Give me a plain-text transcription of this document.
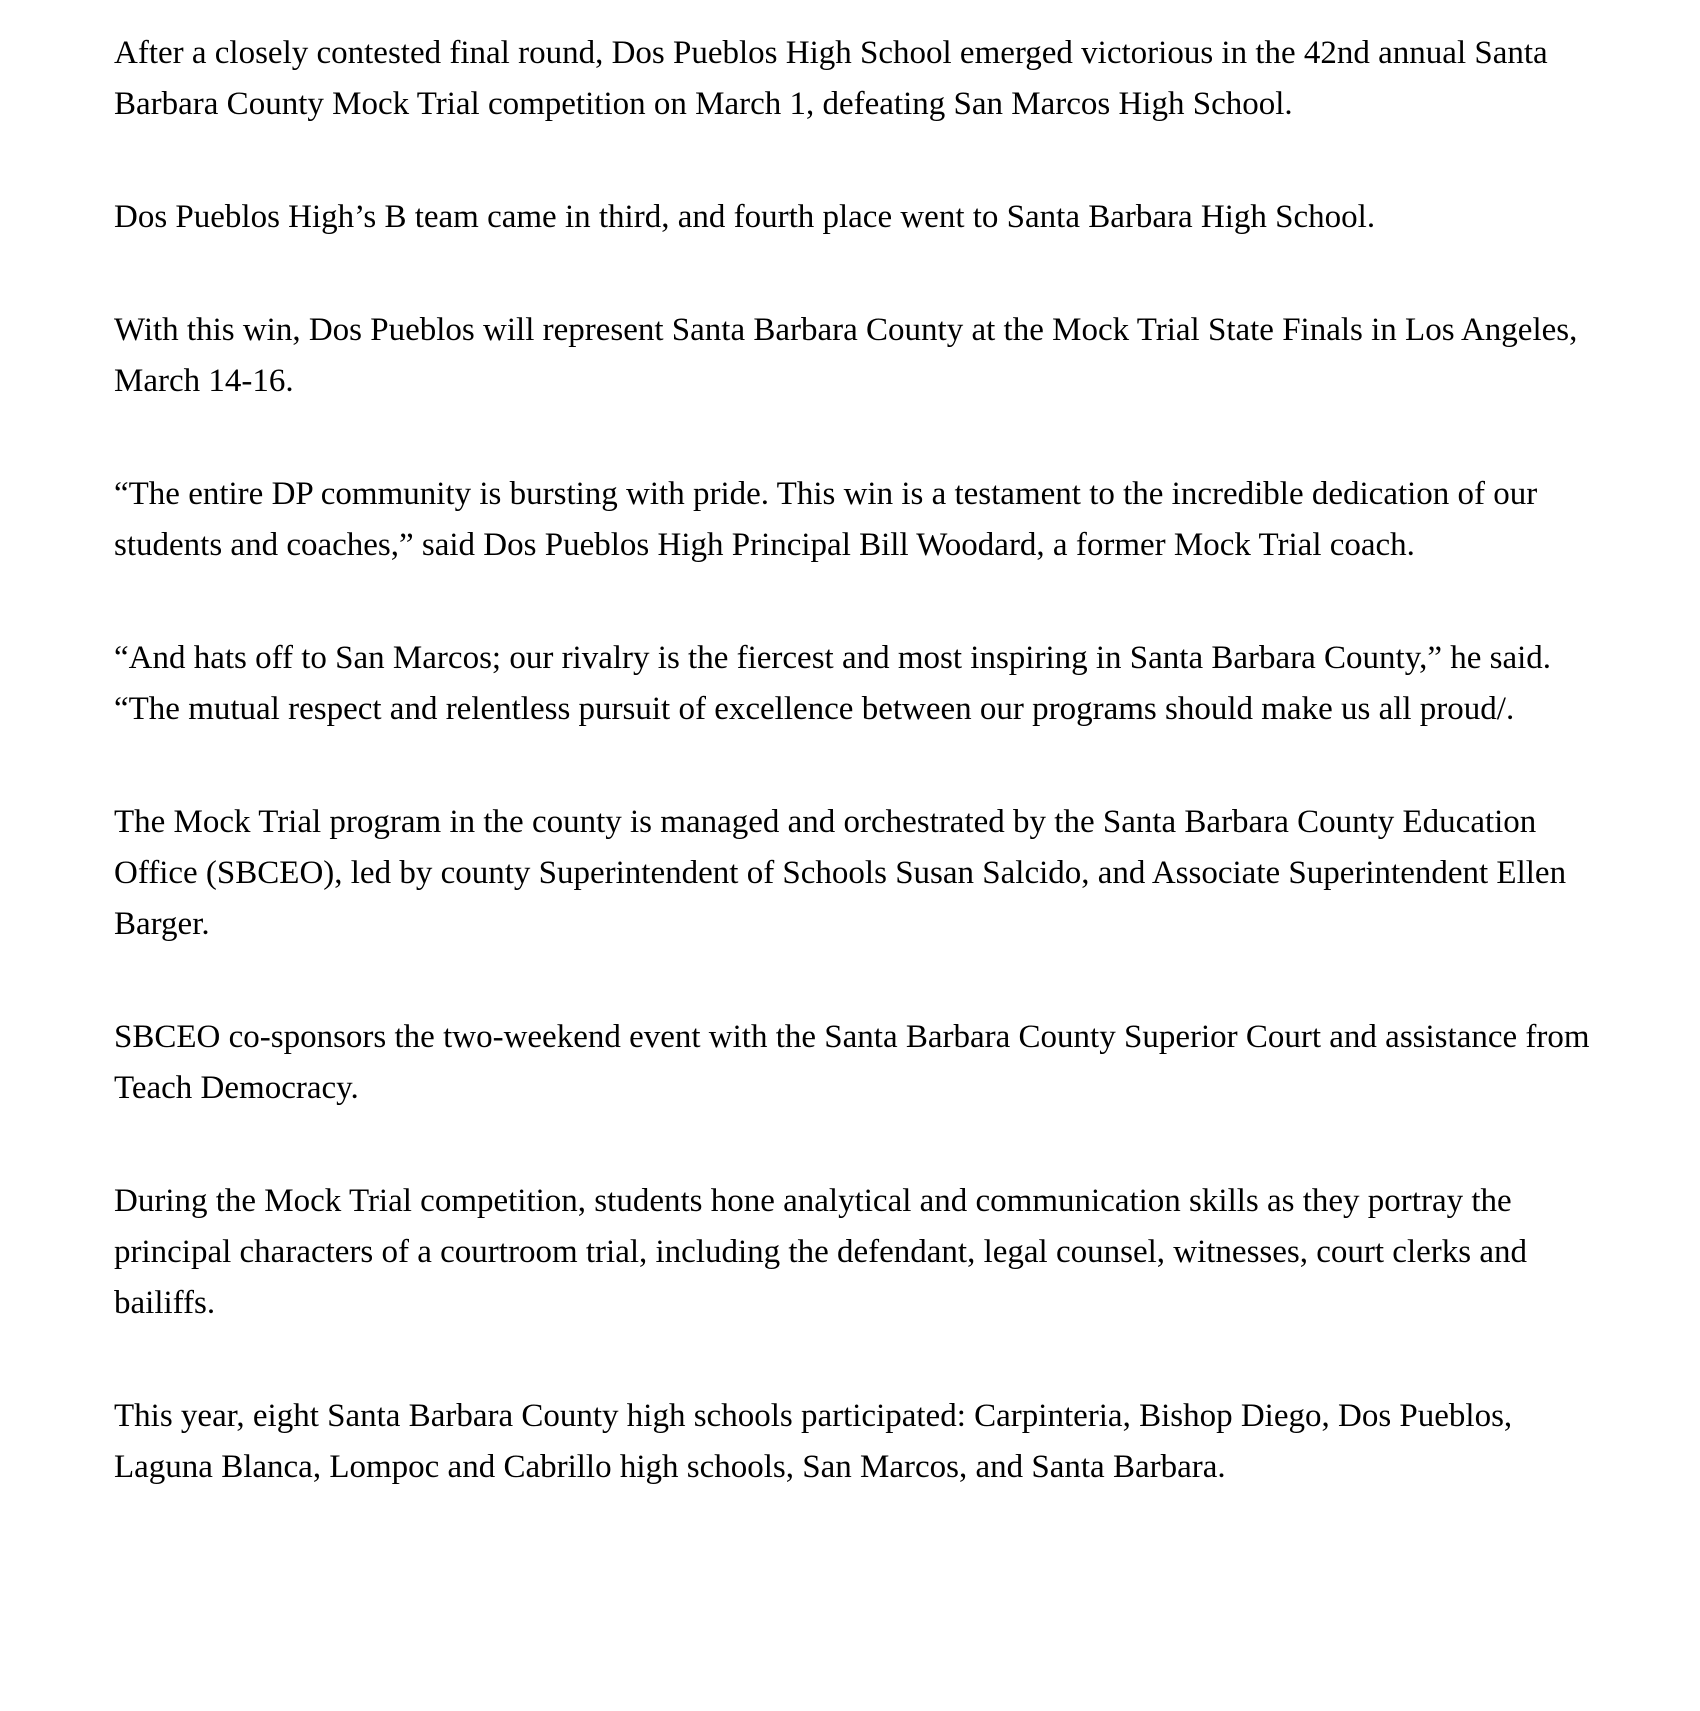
After a closely contested final round, Dos Pueblos High School emerged victorious in the 42nd annual Santa Barbara County Mock Trial competition on March 1, defeating San Marcos High School.

Dos Pueblos High’s B team came in third, and fourth place went to Santa Barbara High School.

With this win, Dos Pueblos will represent Santa Barbara County at the Mock Trial State Finals in Los Angeles, March 14-16.

“The entire DP community is bursting with pride. This win is a testament to the incredible dedication of our students and coaches,” said Dos Pueblos High Principal Bill Woodard, a former Mock Trial coach.

“And hats off to San Marcos; our rivalry is the fiercest and most inspiring in Santa Barbara County,” he said. “The mutual respect and relentless pursuit of excellence between our programs should make us all proud/.

The Mock Trial program in the county is managed and orchestrated by the Santa Barbara County Education Office (SBCEO), led by county Superintendent of Schools Susan Salcido, and Associate Superintendent Ellen Barger.

SBCEO co-sponsors the two-weekend event with the Santa Barbara County Superior Court and assistance from Teach Democracy.

During the Mock Trial competition, students hone analytical and communication skills as they portray the principal characters of a courtroom trial, including the defendant, legal counsel, witnesses, court clerks and bailiffs.

This year, eight Santa Barbara County high schools participated: Carpinteria, Bishop Diego, Dos Pueblos, Laguna Blanca, Lompoc and Cabrillo high schools, San Marcos, and Santa Barbara.
